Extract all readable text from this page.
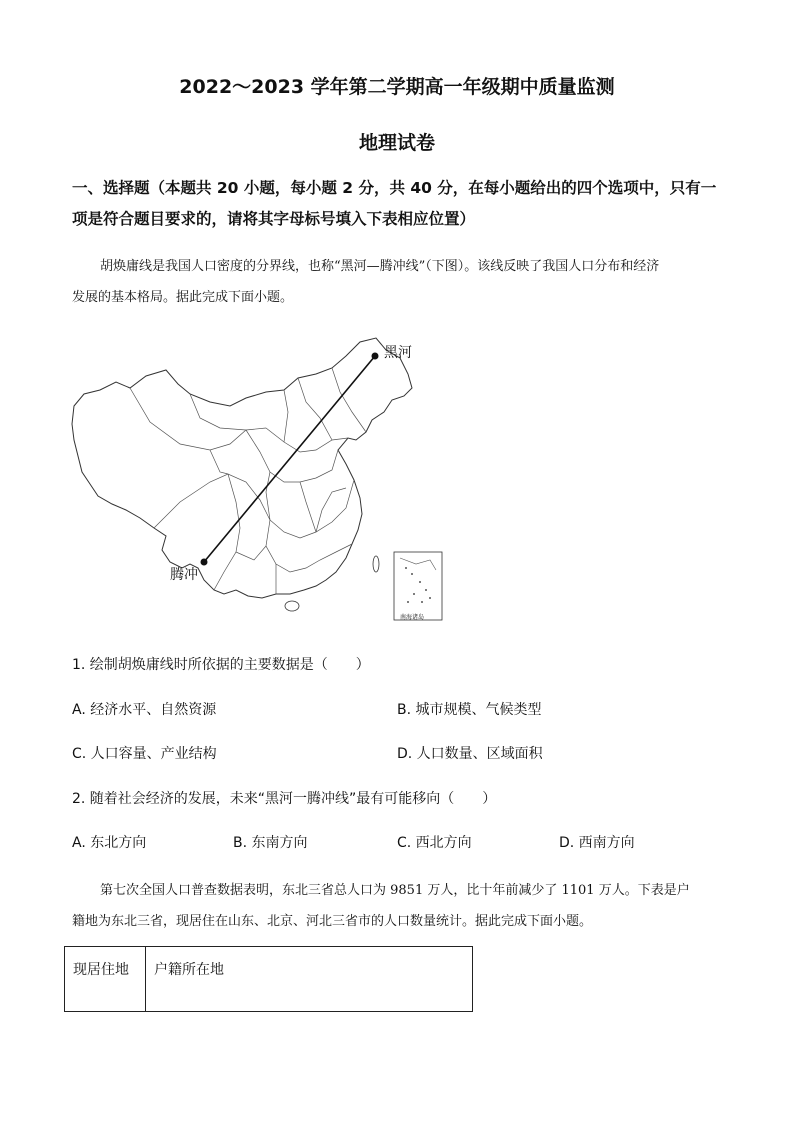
2022～2023 学年第二学期高一年级期中质量监测
地理试卷
一、选择题（本题共 20 小题，每小题 2 分，共 40 分，在每小题给出的四个选项中，只有一
项是符合题目要求的，请将其字母标号填入下表相应位置）
胡焕庸线是我国人口密度的分界线，也称“黑河—腾冲线”（下图）。该线反映了我国人口分布和经济
发展的基本格局。据此完成下面小题。
黑河
腾冲
南海诸岛
1. 绘制胡焕庸线时所依据的主要数据是（　　）
A. 经济水平、自然资源	B. 城市规模、气候类型
C. 人口容量、产业结构	D. 人口数量、区域面积
2. 随着社会经济的发展，未来“黑河一腾冲线”最有可能移向（　　）
A. 东北方向	B. 东南方向	C. 西北方向	D. 西南方向
第七次全国人口普查数据表明，东北三省总人口为 9851 万人，比十年前减少了 1101 万人。下表是户
籍地为东北三省，现居住在山东、北京、河北三省市的人口数量统计。据此完成下面小题。
现居住地	户籍所在地
